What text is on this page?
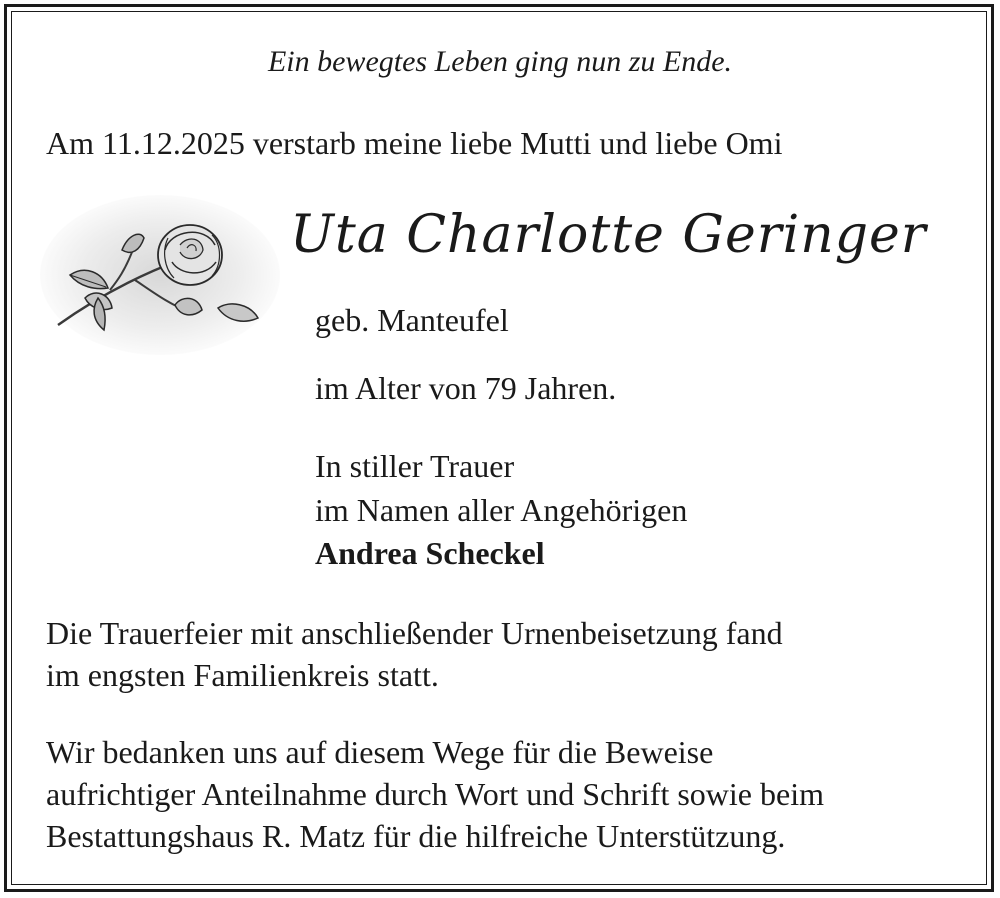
Ein bewegtes Leben ging nun zu Ende.
Am 11.12.2025 verstarb meine liebe Mutti und liebe Omi
Uta Charlotte Geringer
geb. Manteufel
im Alter von 79 Jahren.
In stiller Trauer
im Namen aller Angehörigen
Andrea Scheckel
Die Trauerfeier mit anschließender Urnenbeisetzung fand
im engsten Familienkreis statt.
Wir bedanken uns auf diesem Wege für die Beweise
aufrichtiger Anteilnahme durch Wort und Schrift sowie beim
Bestattungshaus R. Matz für die hilfreiche Unterstützung.
